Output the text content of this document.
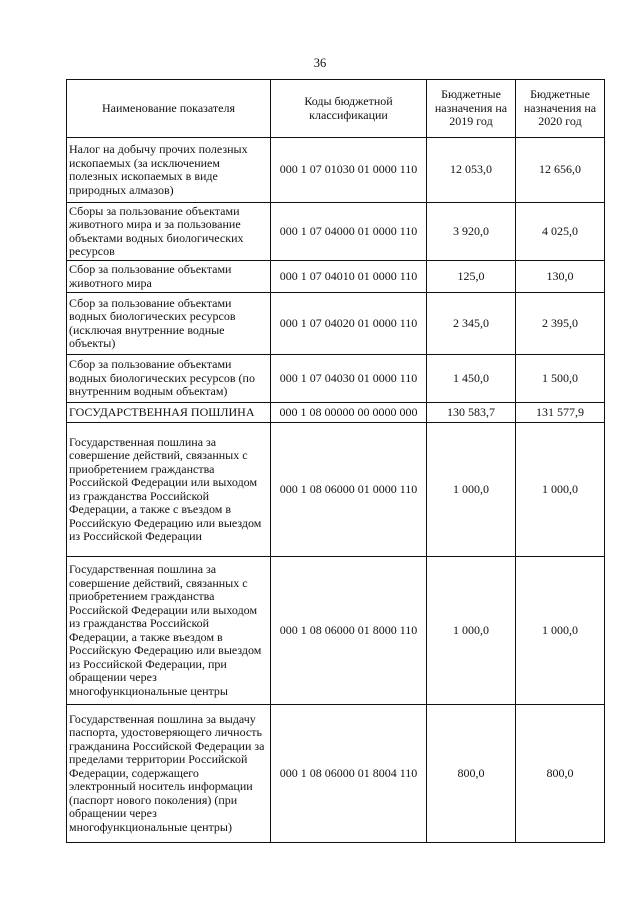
36
Наименование показателя	Коды бюджетной классификации	Бюджетные назначения на 2019 год	Бюджетные назначения на 2020 год
Налог на добычу прочих полезных ископаемых (за исключением полезных ископаемых в виде природных алмазов)	000 1 07 01030 01 0000 110	12 053,0	12 656,0
Сборы за пользование объектами животного мира и за пользование объектами водных биологических ресурсов	000 1 07 04000 01 0000 110	3 920,0	4 025,0
Сбор за пользование объектами животного мира	000 1 07 04010 01 0000 110	125,0	130,0
Сбор за пользование объектами водных биологических ресурсов (исключая внутренние водные объекты)	000 1 07 04020 01 0000 110	2 345,0	2 395,0
Сбор за пользование объектами водных биологических ресурсов (по внутренним водным объектам)	000 1 07 04030 01 0000 110	1 450,0	1 500,0
ГОСУДАРСТВЕННАЯ ПОШЛИНА	000 1 08 00000 00 0000 000	130 583,7	131 577,9
Государственная пошлина за совершение действий, связанных с приобретением гражданства Российской Федерации или выходом из гражданства Российской Федерации, а также с въездом в Российскую Федерацию или выездом из Российской Федерации	000 1 08 06000 01 0000 110	1 000,0	1 000,0
Государственная пошлина за совершение действий, связанных с приобретением гражданства Российской Федерации или выходом из гражданства Российской Федерации, а также въездом в Российскую Федерацию или выездом из Российской Федерации, при обращении через многофункциональные центры	000 1 08 06000 01 8000 110	1 000,0	1 000,0
Государственная пошлина за выдачу паспорта, удостоверяющего личность гражданина Российской Федерации за пределами территории Российской Федерации, содержащего электронный носитель информации (паспорт нового поколения) (при обращении через многофункциональные центры)	000 1 08 06000 01 8004 110	800,0	800,0
